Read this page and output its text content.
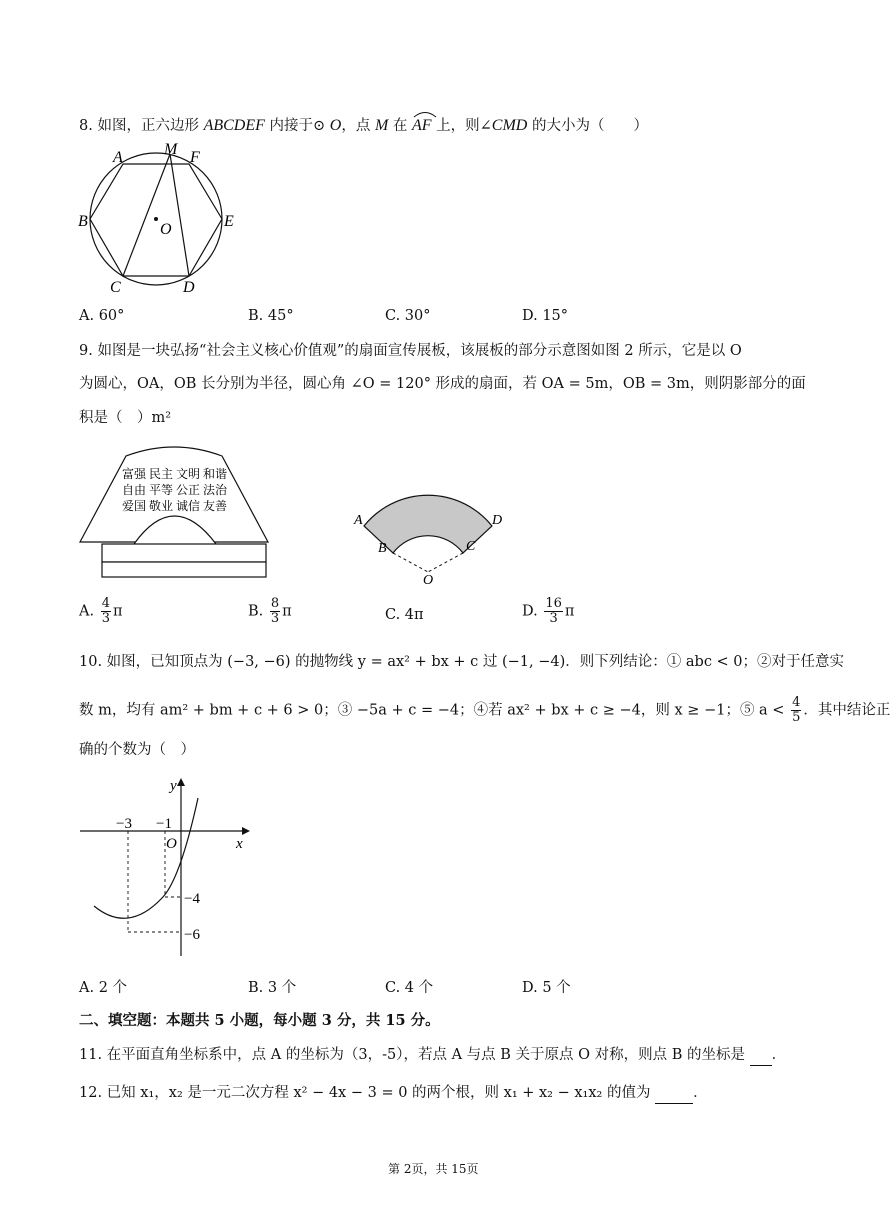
8. 如图，正六边形 ABCDEF 内接于⊙ O，点 M 在 AF 上，则∠CMD 的大小为（　　）
A	M F
B	O	E
C	D
A. 60°	B. 45°	C. 30°	D. 15°
9. 如图是一块弘扬“社会主义核心价值观”的扇面宣传展板，该展板的部分示意图如图 2 所示，它是以 O
为圆心，OA，OB 长分别为半径，圆心角 ∠O = 120° 形成的扇面，若 OA = 5m，OB = 3m，则阴影部分的面
积是（　）m²
富强 民主 文明 和谐
自由 平等 公正 法治
爱国 敬业 诚信 友善
A
B	C
D
O
A. $\frac{4}{3}$ π	B. $\frac{8}{3}$ π	C. 4π	D. $\frac{16}{3}$ π
10. 如图，已知顶点为 (−3, −6) 的抛物线 y = ax² + bx + c 过 (−1, −4)．则下列结论：① abc < 0；②对于任意实
数 m，均有 am² + bm + c + 6 > 0；③ −5a + c = −4；④若 ax² + bx + c ≥ −4，则 x ≥ −1；⑤ $a < \frac{4}{5}$ ．其中结论正
确的个数为（　）
y
x
O
−3 −1
−4
−6
A. 2 个	B. 3 个	C. 4 个	D. 5 个
二、填空题：本题共 5 小题，每小题 3 分，共 15 分。
11. 在平面直角坐标系中，点 A 的坐标为（3，-5），若点 A 与点 B 关于原点 O 对称，则点 B 的坐标是 ．
12. 已知 x₁，x₂ 是一元二次方程 x² − 4x − 3 = 0 的两个根，则 x₁ + x₂ − x₁x₂ 的值为	．
第 2页，共 15页
